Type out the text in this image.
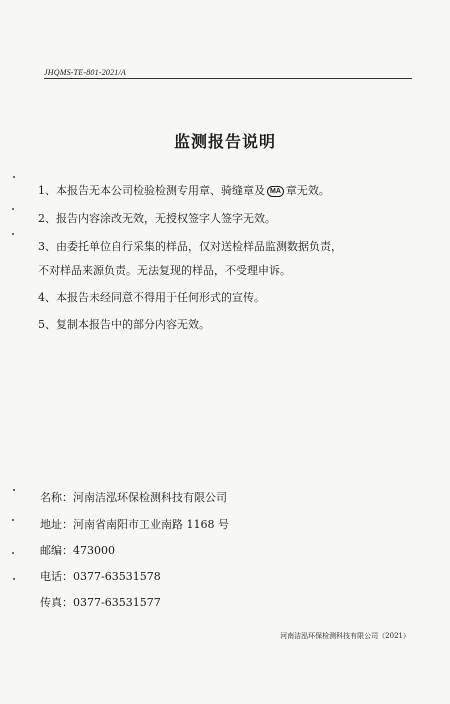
JHQMS-TE-801-2021/A
监测报告说明
1、本报告无本公司检验检测专用章、骑缝章及 MA 章无效。
2、报告内容涂改无效，无授权签字人签字无效。
3、由委托单位自行采集的样品，仅对送检样品监测数据负责，
不对样品来源负责。无法复现的样品，不受理申诉。
4、本报告未经同意不得用于任何形式的宣传。
5、复制本报告中的部分内容无效。
名称：河南洁泓环保检测科技有限公司
地址：河南省南阳市工业南路 1168 号
邮编：473000
电话：0377-63531578
传真：0377-63531577
河南洁泓环保检测科技有限公司（2021）
